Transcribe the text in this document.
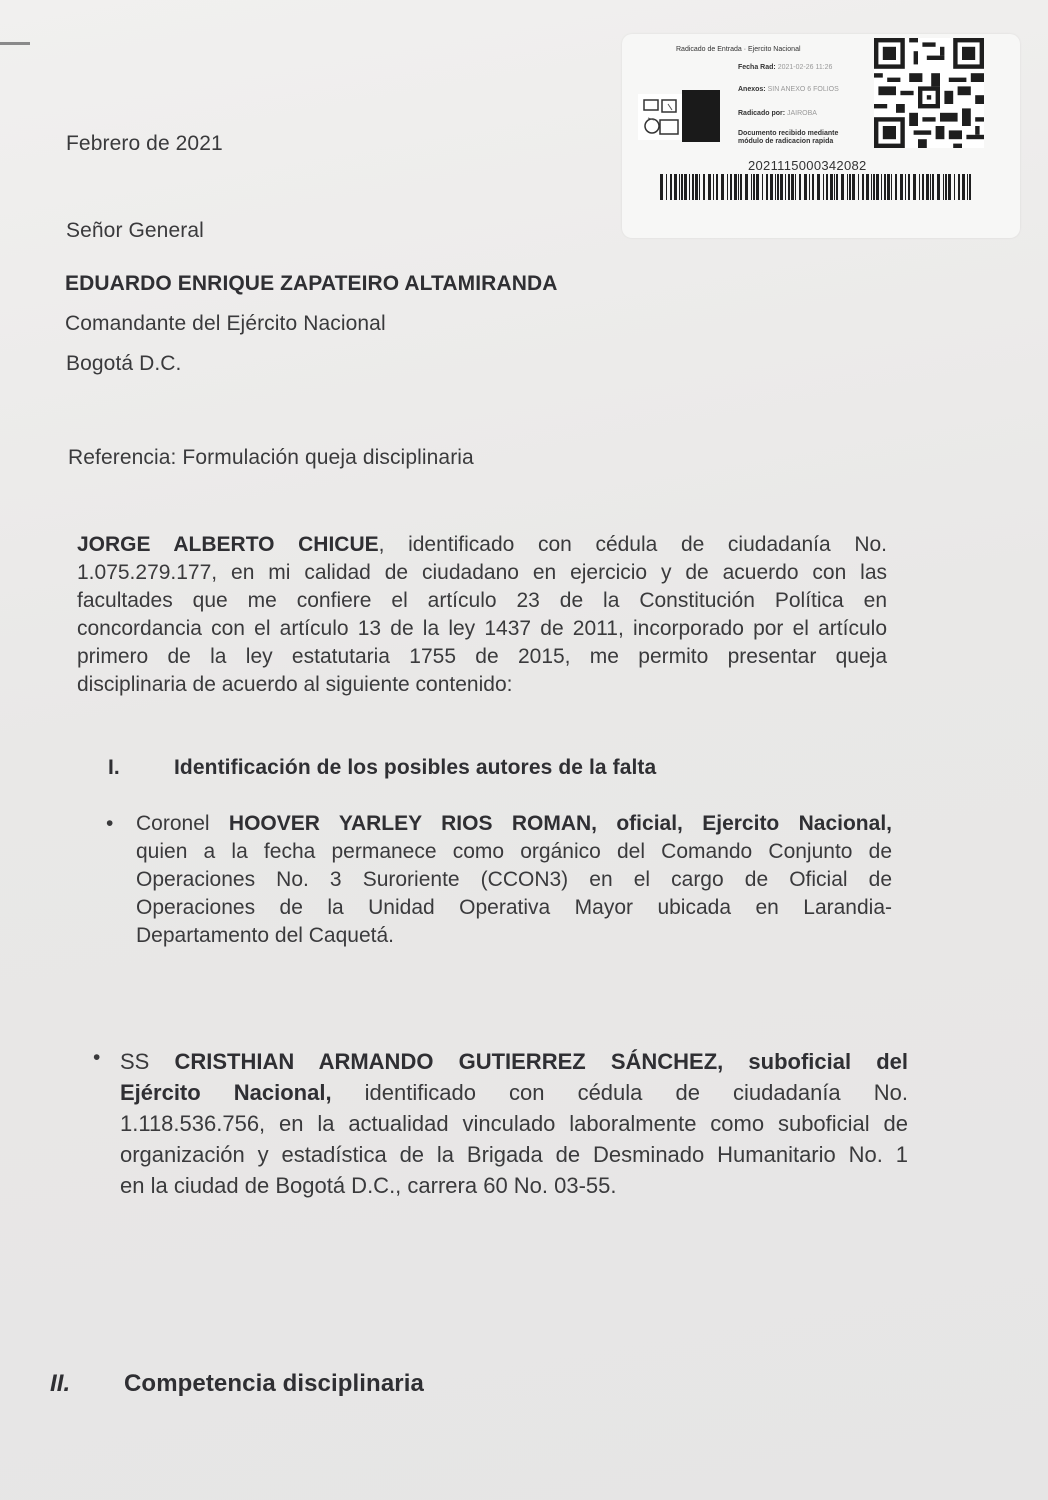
Radicado de Entrada · Ejercito Nacional
Fecha Rad: 2021-02-26 11:26
Anexos: SIN ANEXO 6 FOLIOS
Radicado por: JAIROBA
Documento recibido mediante
módulo de radicacion rapida
2021115000342082

Febrero de 2021

Señor General

EDUARDO ENRIQUE ZAPATEIRO ALTAMIRANDA

Comandante del Ejército Nacional

Bogotá D.C.

Referencia: Formulación queja disciplinaria

JORGE ALBERTO CHICUE, identificado con cédula de ciudadanía No.
1.075.279.177, en mi calidad de ciudadano en ejercicio y de acuerdo con las
facultades que me confiere el artículo 23 de la Constitución Política en
concordancia con el artículo 13 de la ley 1437 de 2011, incorporado por el artículo
primero de la ley estatutaria 1755 de 2015, me permito presentar queja
disciplinaria de acuerdo al siguiente contenido:

I.	Identificación de los posibles autores de la falta

• Coronel HOOVER YARLEY RIOS ROMAN, oficial, Ejercito Nacional,
quien a la fecha permanece como orgánico del Comando Conjunto de
Operaciones No. 3 Suroriente (CCON3) en el cargo de Oficial de
Operaciones de la Unidad Operativa Mayor ubicada en Larandia-
Departamento del Caquetá.
• SS CRISTHIAN ARMANDO GUTIERREZ SÁNCHEZ, suboficial del
Ejército Nacional, identificado con cédula de ciudadanía No.
1.118.536.756, en la actualidad vinculado laboralmente como suboficial de
organización y estadística de la Brigada de Desminado Humanitario No. 1
en la ciudad de Bogotá D.C., carrera 60 No. 03-55.

II. Competencia disciplinaria
